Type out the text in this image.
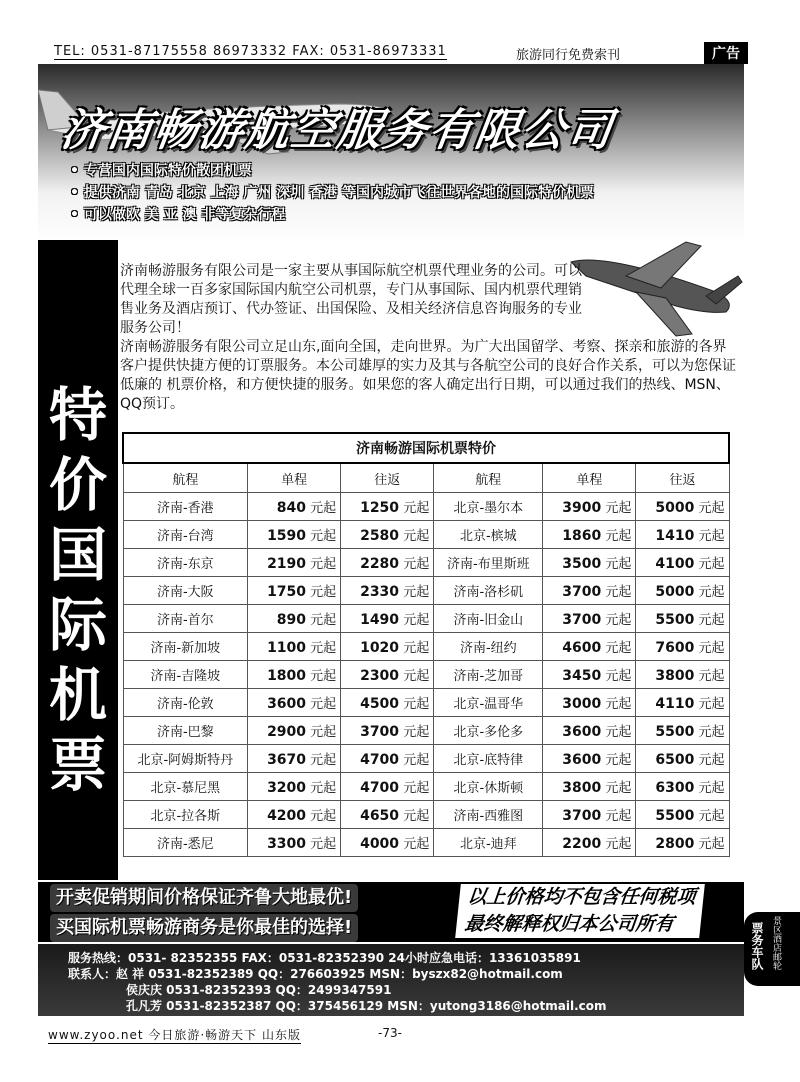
TEL: 0531-87175558 86973332 FAX: 0531-86973331	旅游同行免费索刊	广告
济南畅游航空服务有限公司
• 专营国内国际特价散团机票
• 提供济南 青岛 北京 上海 广州 深圳 香港 等国内城市飞往世界各地的国际特价机票
• 可以做欧 美 亚 澳 非等复杂行程
特
价
国
际
机
票

济南畅游服务有限公司是一家主要从事国际航空机票代理业务的公司。可以代理全球一百多家国际国内航空公司机票，专门从事国际、国内机票代理销售业务及酒店预订、代办签证、出国保险、及相关经济信息咨询服务的专业服务公司！

济南畅游服务有限公司立足山东,面向全国，走向世界。为广大出国留学、考察、探亲和旅游的各界客户提供快捷方便的订票服务。本公司雄厚的实力及其与各航空公司的良好合作关系，可以为您保证低廉的 机票价格，和方便快捷的服务。如果您的客人确定出行日期，可以通过我们的热线、MSN、QQ预订。

济南畅游国际机票特价					
航程	单程	往返	航程	单程	往返
济南-香港	840 元起	1250 元起	北京-墨尔本	3900 元起	5000 元起
济南-台湾	1590 元起	2580 元起	北京-槟城	1860 元起	1410 元起
济南-东京	2190 元起	2280 元起	济南-布里斯班	3500 元起	4100 元起
济南-大阪	1750 元起	2330 元起	济南-洛杉矶	3700 元起	5000 元起
济南-首尔	890 元起	1490 元起	济南-旧金山	3700 元起	5500 元起
济南-新加坡	1100 元起	1020 元起	济南-纽约	4600 元起	7600 元起
济南-吉隆坡	1800 元起	2300 元起	济南-芝加哥	3450 元起	3800 元起
济南-伦敦	3600 元起	4500 元起	北京-温哥华	3000 元起	4110 元起
济南-巴黎	2900 元起	3700 元起	北京-多伦多	3600 元起	5500 元起
北京-阿姆斯特丹	3670 元起	4700 元起	北京-底特律	3600 元起	6500 元起
北京-慕尼黑	3200 元起	4700 元起	北京-休斯顿	3800 元起	6300 元起
北京-拉各斯	4200 元起	4650 元起	济南-西雅图	3700 元起	5500 元起
济南-悉尼	3300 元起	4000 元起	北京-迪拜	2200 元起	2800 元起
开卖促销期间价格保证齐鲁大地最优!
买国际机票畅游商务是你最佳的选择!
以上价格均不包含任何税项
最终解释权归本公司所有
服务热线：0531- 82352355 FAX：0531-82352390 24小时应急电话：13361035891
联系人：赵 祥 0531-82352389 QQ：276603925 MSN：byszx82@hotmail.com
侯庆庆 0531-82352393 QQ：2499347591
孔凡芳 0531-82352387 QQ：375456129 MSN：yutong3186@hotmail.com
票务车队 景区酒店邮轮
www.zyoo.net 今日旅游·畅游天下 山东版	-73-
